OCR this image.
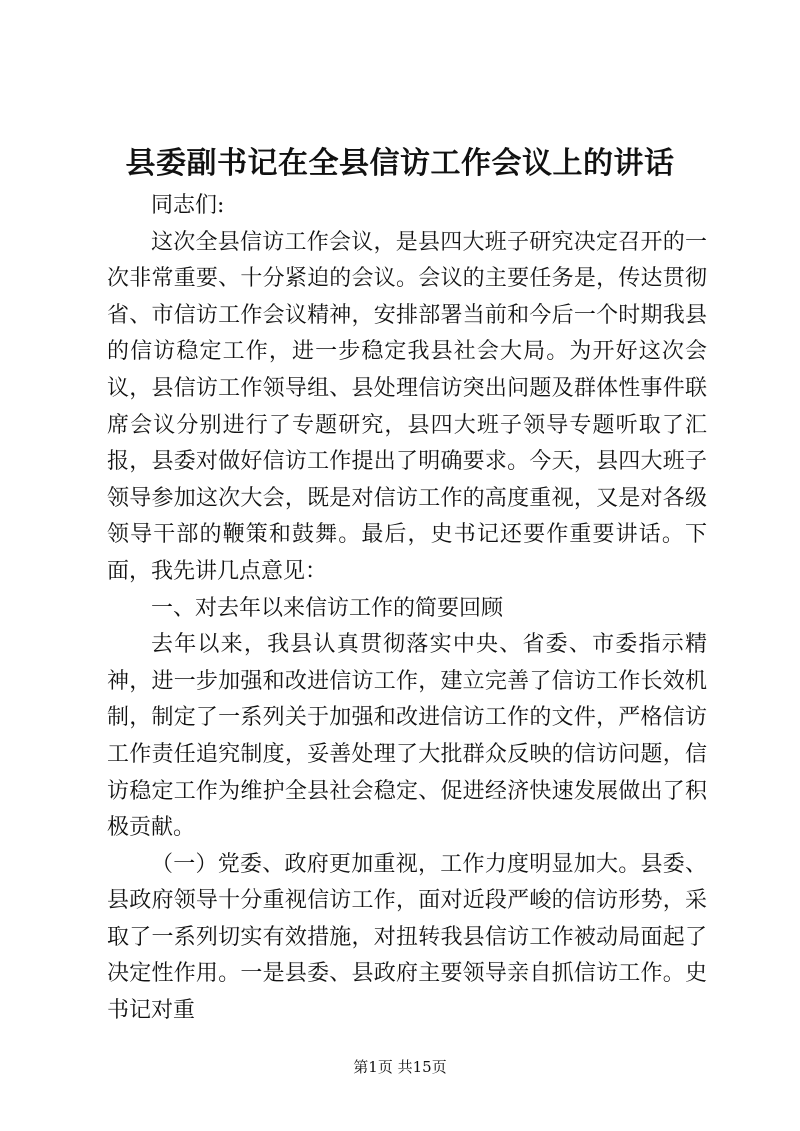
县委副书记在全县信访工作会议上的讲话

同志们:

这次全县信访工作会议，是县四大班子研究决定召开的一次非常重要、十分紧迫的会议。会议的主要任务是，传达贯彻省、市信访工作会议精神，安排部署当前和今后一个时期我县的信访稳定工作，进一步稳定我县社会大局。为开好这次会议，县信访工作领导组、县处理信访突出问题及群体性事件联席会议分别进行了专题研究，县四大班子领导专题听取了汇报，县委对做好信访工作提出了明确要求。今天，县四大班子领导参加这次大会，既是对信访工作的高度重视，又是对各级领导干部的鞭策和鼓舞。最后，史书记还要作重要讲话。下面，我先讲几点意见：

一、对去年以来信访工作的简要回顾

去年以来，我县认真贯彻落实中央、省委、市委指示精神，进一步加强和改进信访工作，建立完善了信访工作长效机制，制定了一系列关于加强和改进信访工作的文件，严格信访工作责任追究制度，妥善处理了大批群众反映的信访问题，信访稳定工作为维护全县社会稳定、促进经济快速发展做出了积极贡献。

（一）党委、政府更加重视，工作力度明显加大。县委、县政府领导十分重视信访工作，面对近段严峻的信访形势，采取了一系列切实有效措施，对扭转我县信访工作被动局面起了决定性作用。一是县委、县政府主要领导亲自抓信访工作。史书记对重

第1页 共15页
